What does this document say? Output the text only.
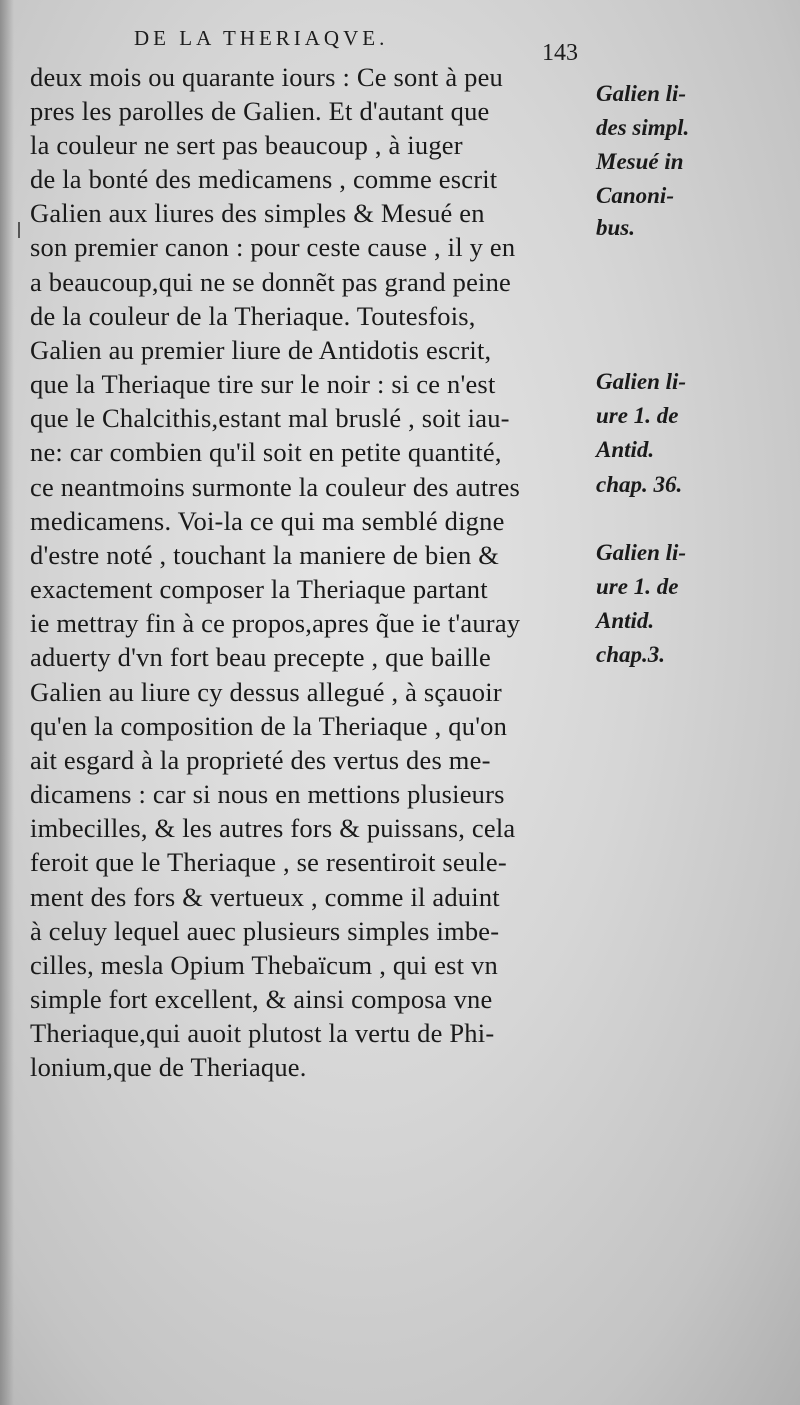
DE LA THERIAQVE.
143
deux mois ou quarante iours : Ce sont à peu
pres les parolles de Galien. Et d'autant que
la couleur ne sert pas beaucoup , à iuger
de la bonté des medicamens , comme escrit
Galien aux liures des simples & Mesué en
son premier canon : pour ceste cause , il y en
a beaucoup,qui ne se donnẽt pas grand peine
de la couleur de la Theriaque. Toutesfois,
Galien au premier liure de Antidotis escrit,
que la Theriaque tire sur le noir : si ce n'est
que le Chalcithis,estant mal bruslé , soit iau-
ne: car combien qu'il soit en petite quantité,
ce neantmoins surmonte la couleur des autres
medicamens. Voi-la ce qui ma semblé digne
d'estre noté , touchant la maniere de bien &
exactement composer la Theriaque partant
ie mettray fin à ce propos,apres q̃ue ie t'auray
aduerty d'vn fort beau precepte , que baille
Galien au liure cy dessus allegué , à sçauoir
qu'en la composition de la Theriaque , qu'on
ait esgard à la proprieté des vertus des me-
dicamens : car si nous en mettions plusieurs
imbecilles, & les autres fors & puissans, cela
feroit que le Theriaque , se resentiroit seule-
ment des fors & vertueux , comme il aduint
à celuy lequel auec plusieurs simples imbe-
cilles, mesla Opium Thebaïcum , qui est vn
simple fort excellent, & ainsi composa vne
Theriaque,qui auoit plutost la vertu de Phi-
lonium,que de Theriaque.
Galien li-
des simpl.
Mesué in
Canoni-
bus.
Galien li-
ure 1. de
Antid.
chap. 36.
Galien li-
ure 1. de
Antid.
chap.3.
